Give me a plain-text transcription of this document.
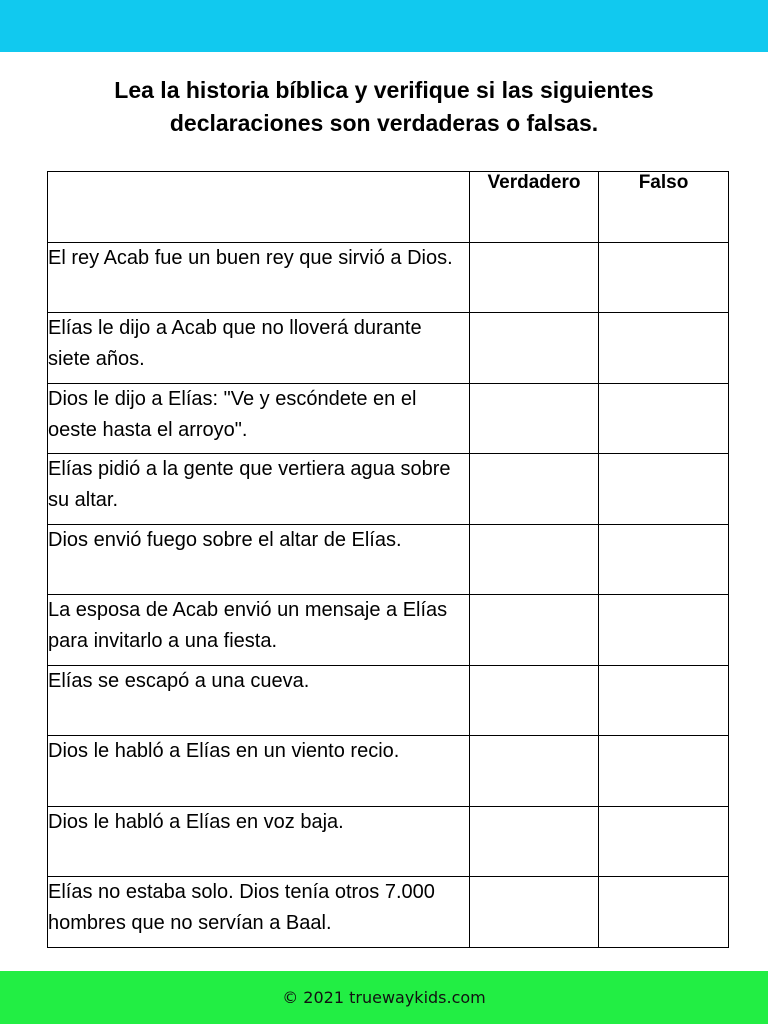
Lea la historia bíblica y verifique si las siguientes
declaraciones son verdaderas o falsas.
	Verdadero	Falso
El rey Acab fue un buen rey que sirvió a Dios.		
Elías le dijo a Acab que no lloverá durante siete años.		
Dios le dijo a Elías: "Ve y escóndete en el oeste hasta el arroyo".		
Elías pidió a la gente que vertiera agua sobre su altar.		
Dios envió fuego sobre el altar de Elías.		
La esposa de Acab envió un mensaje a Elías para invitarlo a una fiesta.		
Elías se escapó a una cueva.		
Dios le habló a Elías en un viento recio.		
Dios le habló a Elías en voz baja.		
Elías no estaba solo. Dios tenía otros 7.000 hombres que no servían a Baal.		
© 2021 truewaykids.com
